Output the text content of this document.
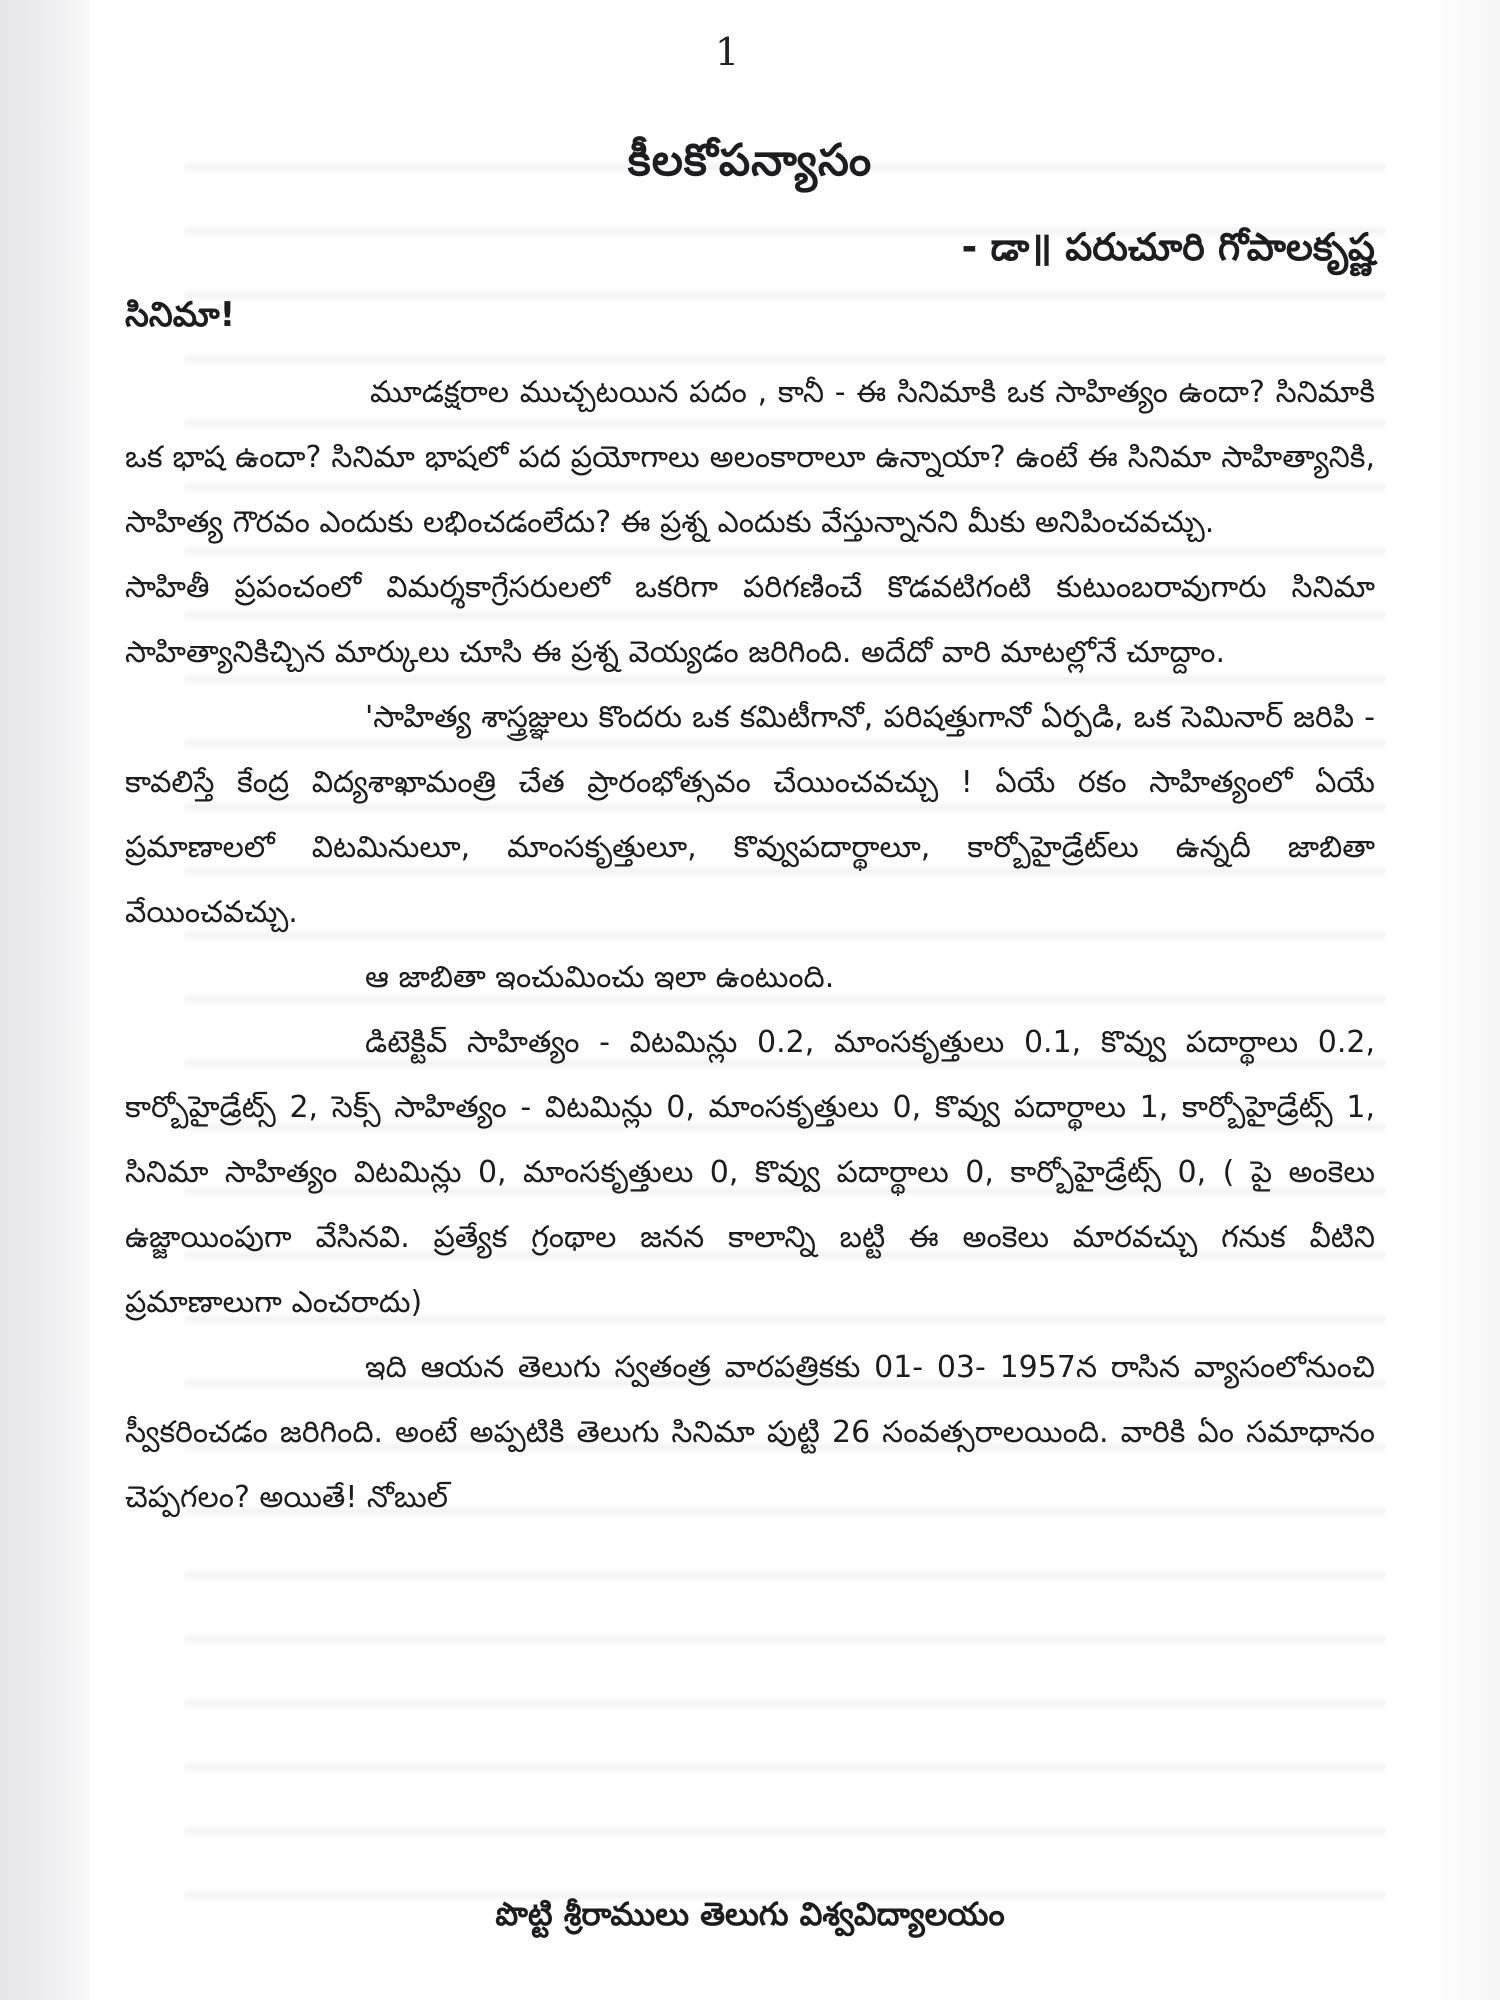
1
కీలకోపన్యాసం
- డా॥ పరుచూరి గోపాలకృష్ణ
సినిమా!

మూడక్షరాల ముచ్చటయిన పదం , కానీ - ఈ సినిమాకి ఒక సాహిత్యం ఉందా? సినిమాకి ఒక భాష ఉందా? సినిమా భాషలో పద ప్రయోగాలు అలంకారాలూ ఉన్నాయా? ఉంటే ఈ సినిమా సాహిత్యానికి, సాహిత్య గౌరవం ఎందుకు లభించడంలేదు? ఈ ప్రశ్న ఎందుకు వేస్తున్నానని మీకు అనిపించవచ్చు.

సాహితీ ప్రపంచంలో విమర్శకాగ్రేసరులలో ఒకరిగా పరిగణించే కొడవటిగంటి కుటుంబరావుగారు సినిమా సాహిత్యానికిచ్చిన మార్కులు చూసి ఈ ప్రశ్న వెయ్యడం జరిగింది. అదేదో వారి మాటల్లోనే చూద్దాం.

'సాహిత్య శాస్త్రజ్ఞులు కొందరు ఒక కమిటీగానో, పరిషత్తుగానో ఏర్పడి, ఒక సెమినార్ జరిపి - కావలిస్తే కేంద్ర విద్యశాఖామంత్రి చేత ప్రారంభోత్సవం చేయించవచ్చు ! ఏయే రకం సాహిత్యంలో ఏయే ప్రమాణాలలో విటమినులూ, మాంసకృత్తులూ, కొవ్వుపదార్థాలూ, కార్బోహైడ్రేట్‌లు ఉన్నదీ జాబితా వేయించవచ్చు.

ఆ జాబితా ఇంచుమించు ఇలా ఉంటుంది.

డిటెక్టివ్ సాహిత్యం - విటమిన్లు 0.2, మాంసకృత్తులు 0.1, కొవ్వు పదార్థాలు 0.2, కార్బోహైడ్రేట్స్ 2, సెక్స్ సాహిత్యం - విటమిన్లు 0, మాంసకృత్తులు 0, కొవ్వు పదార్థాలు 1, కార్బోహైడ్రేట్స్ 1, సినిమా సాహిత్యం విటమిన్లు 0, మాంసకృత్తులు 0, కొవ్వు పదార్థాలు 0, కార్బోహైడ్రేట్స్ 0, ( పై అంకెలు ఉజ్జాయింపుగా వేసినవి. ప్రత్యేక గ్రంథాల జనన కాలాన్ని బట్టి ఈ అంకెలు మారవచ్చు గనుక వీటిని ప్రమాణాలుగా ఎంచరాదు)

ఇది ఆయన తెలుగు స్వతంత్ర వారపత్రికకు 01- 03- 1957న రాసిన వ్యాసంలోనుంచి స్వీకరించడం జరిగింది. అంటే అప్పటికి తెలుగు సినిమా పుట్టి 26 సంవత్సరాలయింది. వారికి ఏం సమాధానం చెప్పగలం? అయితే! నోబుల్

పొట్టి శ్రీరాములు తెలుగు విశ్వవిద్యాలయం
